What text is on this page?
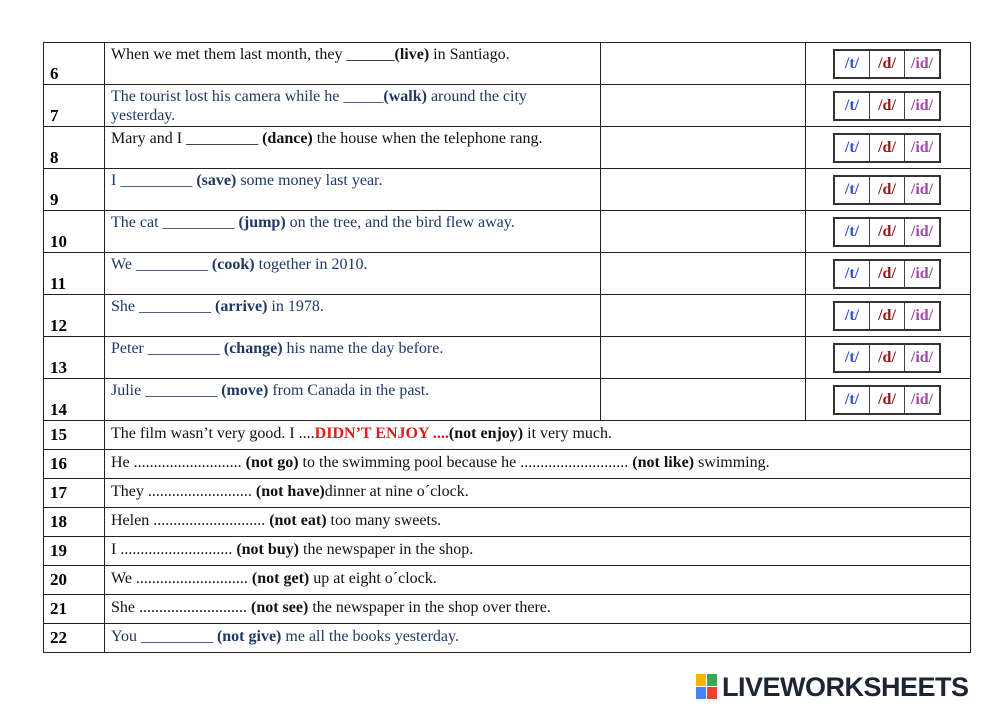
6	When we met them last month, they ______(live) in Santiago.		/t/ /d/ /id/

7	The tourist lost his camera while he _____(walk) around the city yesterday.		/t/ /d/ /id/

8	Mary and I _________ (dance) the house when the telephone rang.		/t/ /d/ /id/

9	I _________ (save) some money last year.		/t/ /d/ /id/

10	The cat _________ (jump) on the tree, and the bird flew away.		/t/ /d/ /id/

11	We _________ (cook) together in 2010.		/t/ /d/ /id/

12	She _________ (arrive) in 1978.		/t/ /d/ /id/

13	Peter _________ (change) his name the day before.		/t/ /d/ /id/

14	Julie _________ (move) from Canada in the past.		/t/ /d/ /id/

15	The film wasn’t very good. I ....DIDN’T ENJOY ....(not enjoy) it very much.		
16	He ........................... (not go) to the swimming pool because he ........................... (not like) swimming.		
17	They .......................... (not have)dinner at nine o´clock.		
18	Helen ............................ (not eat) too many sweets.		
19	I ............................ (not buy) the newspaper in the shop.		
20	We ............................ (not get) up at eight o´clock.		
21	She ........................... (not see) the newspaper in the shop over there.		
22	You _________ (not give) me all the books yesterday.		
LIVEWORKSHEETS
